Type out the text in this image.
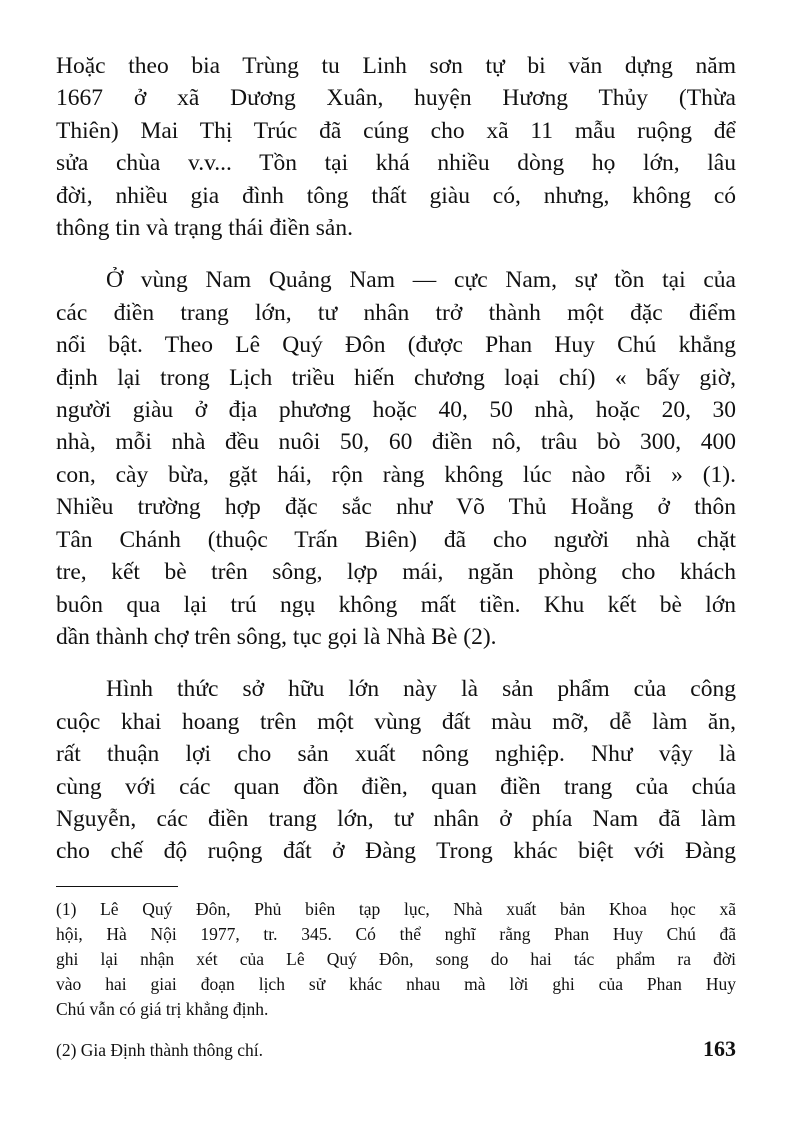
Hoặc theo bia Trùng tu Linh sơn tự bi văn dựng năm

1667 ở xã Dương Xuân, huyện Hương Thủy (Thừa

Thiên) Mai Thị Trúc đã cúng cho xã 11 mẫu ruộng để

sửa chùa v.v... Tồn tại khá nhiều dòng họ lớn, lâu

đời, nhiều gia đình tông thất giàu có, nhưng, không có

thông tin và trạng thái điền sản.

Ở vùng Nam Quảng Nam — cực Nam, sự tồn tại của

các điền trang lớn, tư nhân trở thành một đặc điểm

nổi bật. Theo Lê Quý Đôn (được Phan Huy Chú khẳng

định lại trong Lịch triều hiến chương loại chí) « bấy giờ,

người giàu ở địa phương hoặc 40, 50 nhà, hoặc 20, 30

nhà, mỗi nhà đều nuôi 50, 60 điền nô, trâu bò 300, 400

con, cày bừa, gặt hái, rộn ràng không lúc nào rỗi » (1).

Nhiều trường hợp đặc sắc như Võ Thủ Hoằng ở thôn

Tân Chánh (thuộc Trấn Biên) đã cho người nhà chặt

tre, kết bè trên sông, lợp mái, ngăn phòng cho khách

buôn qua lại trú ngụ không mất tiền. Khu kết bè lớn

dần thành chợ trên sông, tục gọi là Nhà Bè (2).

Hình thức sở hữu lớn này là sản phẩm của công

cuộc khai hoang trên một vùng đất màu mỡ, dễ làm ăn,

rất thuận lợi cho sản xuất nông nghiệp. Như vậy là

cùng với các quan đồn điền, quan điền trang của chúa

Nguyễn, các điền trang lớn, tư nhân ở phía Nam đã làm

cho chế độ ruộng đất ở Đàng Trong khác biệt với Đàng

(1) Lê Quý Đôn, Phủ biên tạp lục, Nhà xuất bản Khoa học xã

hội, Hà Nội 1977, tr. 345. Có thể nghĩ rằng Phan Huy Chú đã

ghi lại nhận xét của Lê Quý Đôn, song do hai tác phẩm ra đời

vào hai giai đoạn lịch sử khác nhau mà lời ghi của Phan Huy

Chú vẫn có giá trị khẳng định.

(2) Gia Định thành thông chí.	163
